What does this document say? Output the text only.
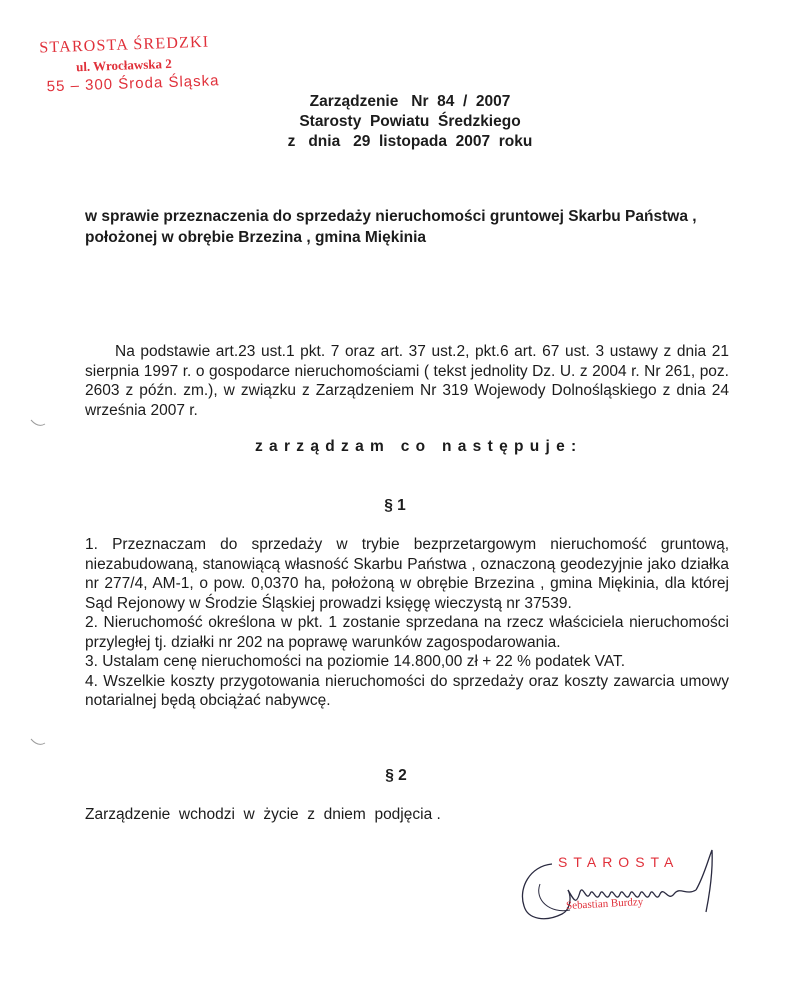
STAROSTA ŚREDZKI
ul. Wrocławska 2
55 – 300 Środa Śląska
Zarządzenie   Nr  84  /  2007
Starosty  Powiatu  Średzkiego
z   dnia   29  listopada  2007  roku
w sprawie przeznaczenia do sprzedaży nieruchomości gruntowej Skarbu Państwa , położonej w obrębie Brzezina , gmina Miękinia
Na podstawie art.23 ust.1 pkt. 7 oraz art. 37 ust.2, pkt.6 art. 67 ust. 3 ustawy z dnia 21 sierpnia 1997 r. o gospodarce nieruchomościami ( tekst jednolity Dz. U. z 2004 r. Nr 261, poz. 2603 z późn. zm.), w związku z Zarządzeniem Nr 319 Wojewody Dolnośląskiego z dnia 24 września 2007 r.
zarządzam co następuje:
§ 1

1. Przeznaczam do sprzedaży w trybie bezprzetargowym nieruchomość gruntową, niezabudowaną, stanowiącą własność Skarbu Państwa , oznaczoną geodezyjnie jako działka nr 277/4, AM-1, o pow. 0,0370 ha, położoną w obrębie Brzezina , gmina Miękinia, dla której Sąd Rejonowy w Środzie Śląskiej prowadzi księgę wieczystą nr 37539.

2. Nieruchomość określona w pkt. 1 zostanie sprzedana na rzecz właściciela nieruchomości przyległej tj. działki nr 202 na poprawę warunków zagospodarowania.

3. Ustalam cenę nieruchomości na poziomie 14.800,00 zł + 22 % podatek VAT.

4. Wszelkie koszty przygotowania nieruchomości do sprzedaży oraz koszty zawarcia umowy notarialnej będą obciążać nabywcę.

§ 2
Zarządzenie  wchodzi  w  życie  z  dniem  podjęcia .
STAROSTA
Sebastian Burdzy
